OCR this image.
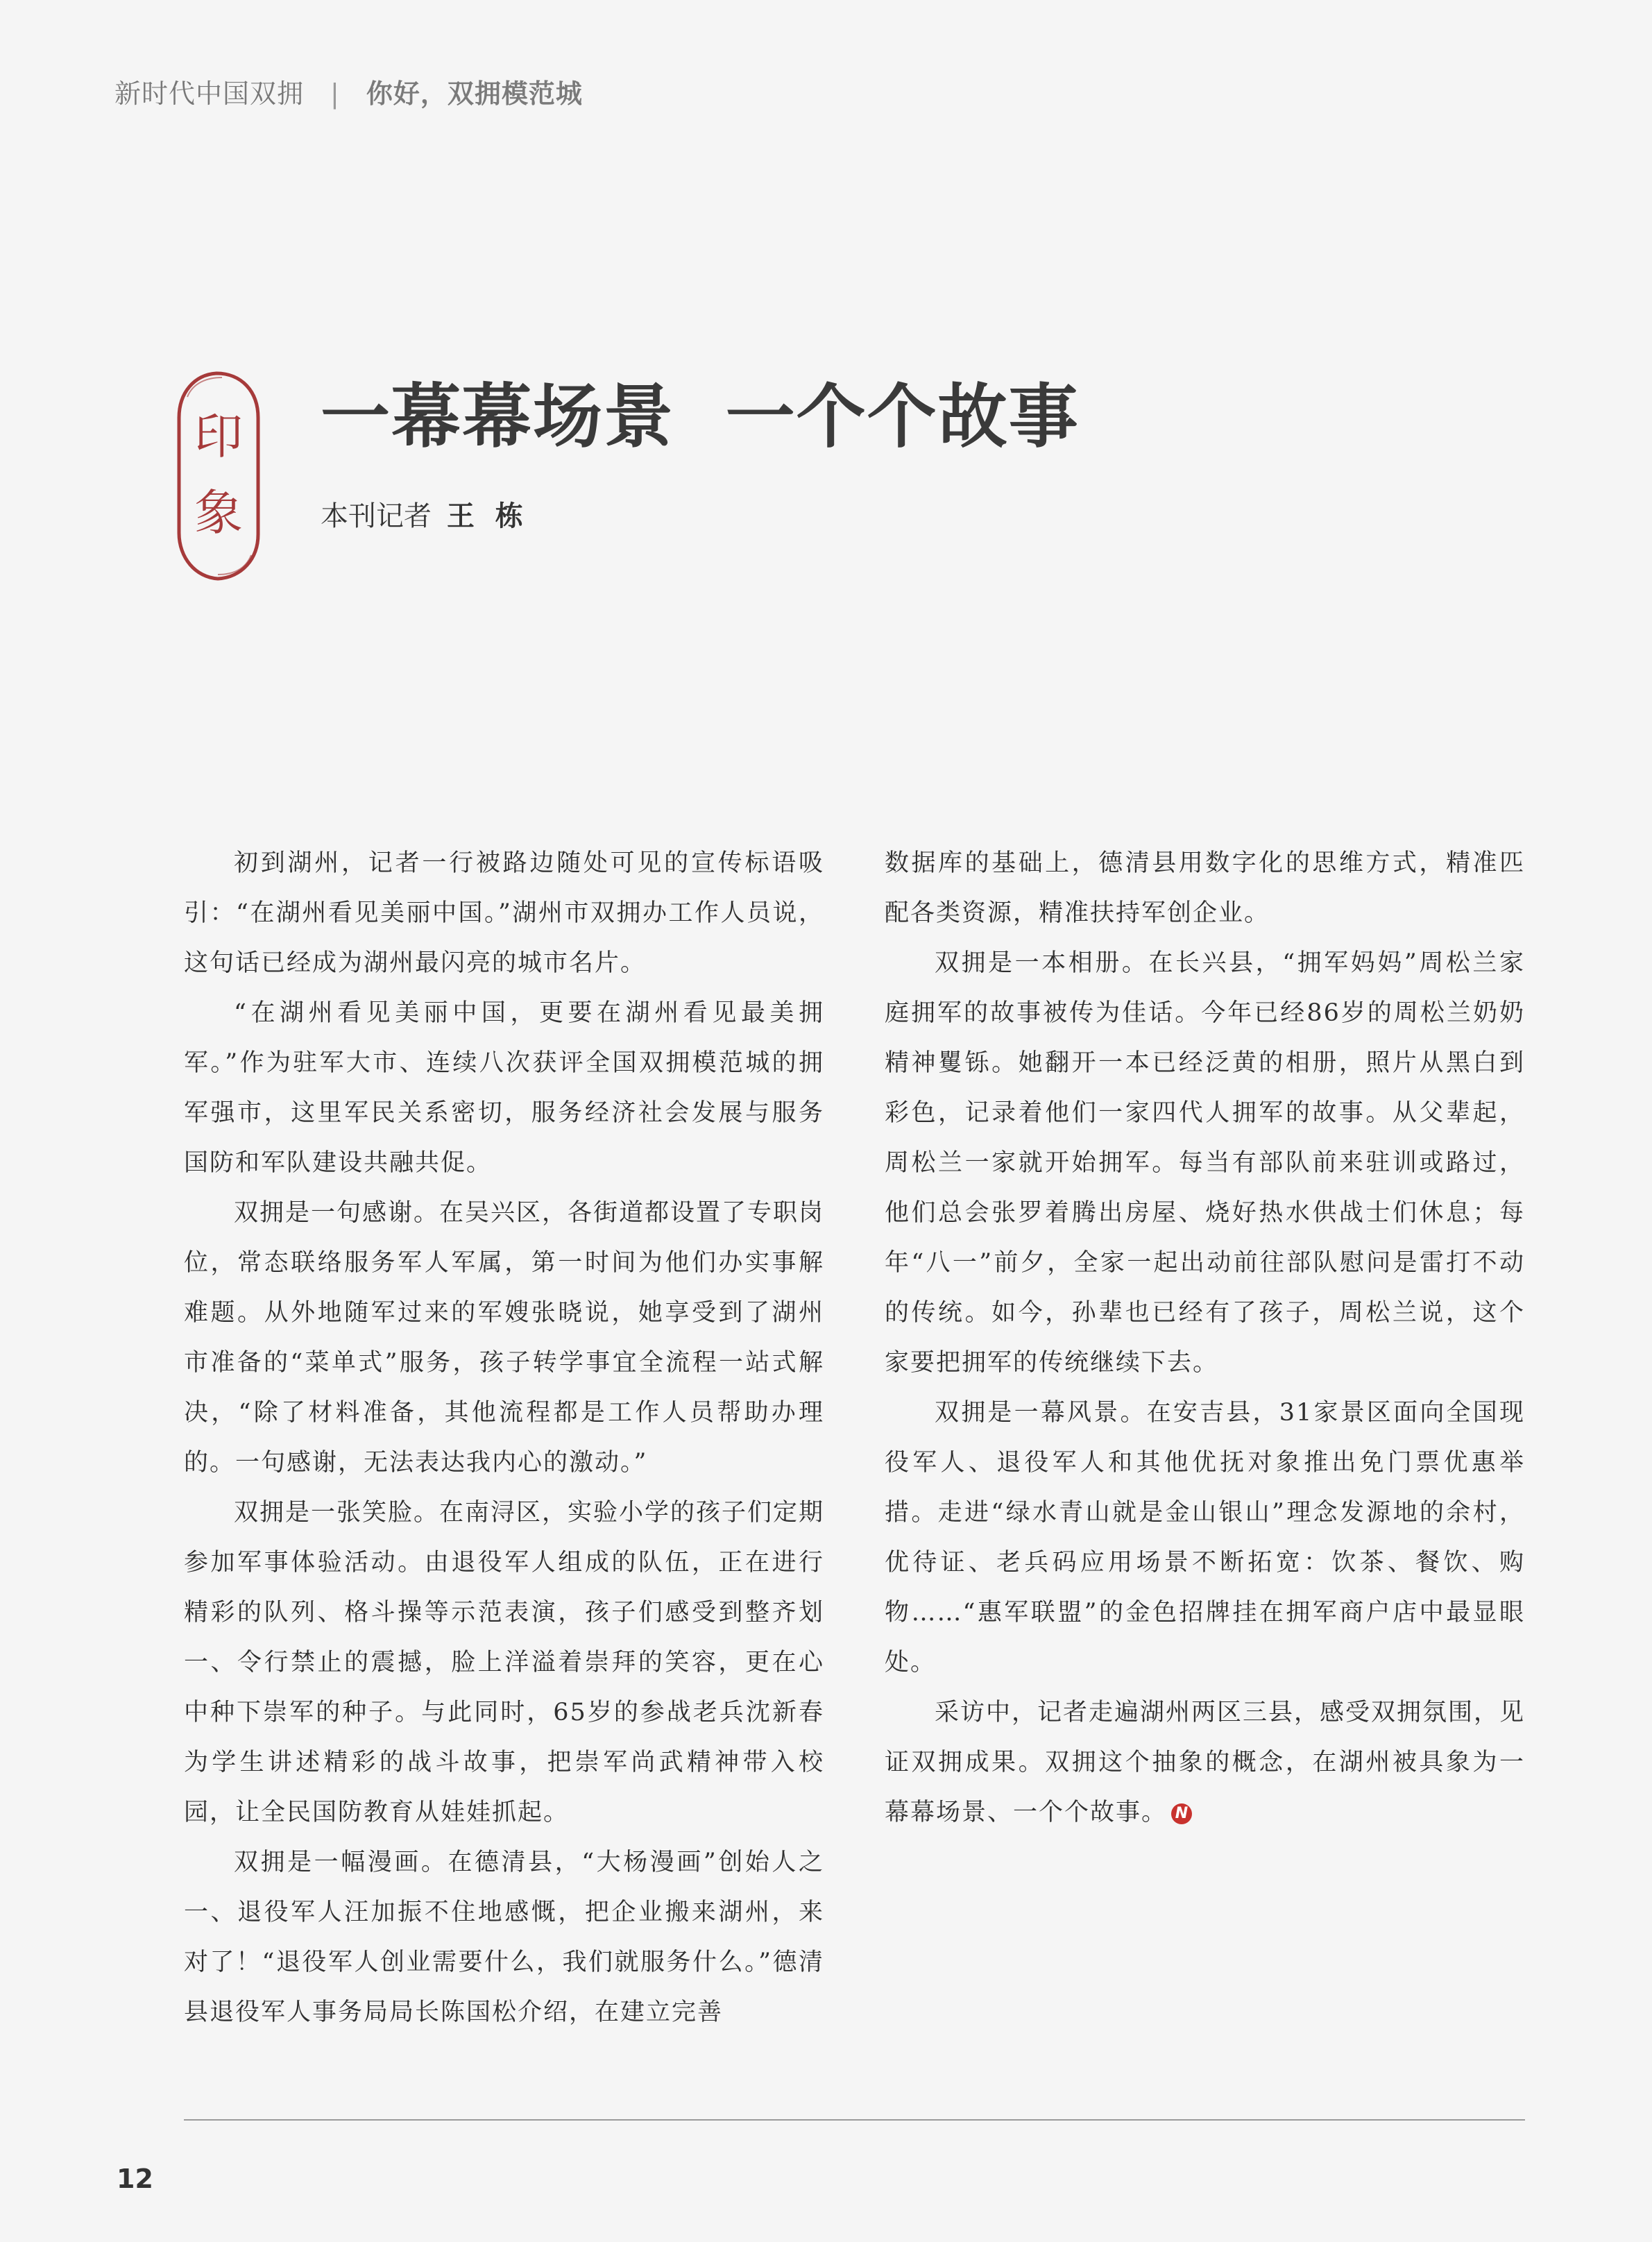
新时代中国双拥 | 你好，双拥模范城
印
象
一幕幕场景  一个个故事
本刊记者 王 栋

初到湖州，记者一行被路边随处可见的宣传标语吸引：“在湖州看见美丽中国。”湖州市双拥办工作人员说，这句话已经成为湖州最闪亮的城市名片。

“在湖州看见美丽中国，更要在湖州看见最美拥军。”作为驻军大市、连续八次获评全国双拥模范城的拥军强市，这里军民关系密切，服务经济社会发展与服务国防和军队建设共融共促。

双拥是一句感谢。在吴兴区，各街道都设置了专职岗位，常态联络服务军人军属，第一时间为他们办实事解难题。从外地随军过来的军嫂张晓说，她享受到了湖州市准备的“菜单式”服务，孩子转学事宜全流程一站式解决，“除了材料准备，其他流程都是工作人员帮助办理的。一句感谢，无法表达我内心的激动。”

双拥是一张笑脸。在南浔区，实验小学的孩子们定期参加军事体验活动。由退役军人组成的队伍，正在进行精彩的队列、格斗操等示范表演，孩子们感受到整齐划一、令行禁止的震撼，脸上洋溢着崇拜的笑容，更在心中种下崇军的种子。与此同时，65岁的参战老兵沈新春为学生讲述精彩的战斗故事，把崇军尚武精神带入校园，让全民国防教育从娃娃抓起。

双拥是一幅漫画。在德清县，“大杨漫画”创始人之一、退役军人汪加振不住地感慨，把企业搬来湖州，来对了！“退役军人创业需要什么，我们就服务什么。”德清县退役军人事务局局长陈国松介绍，在建立完善

数据库的基础上，德清县用数字化的思维方式，精准匹配各类资源，精准扶持军创企业。

双拥是一本相册。在长兴县，“拥军妈妈”周松兰家庭拥军的故事被传为佳话。今年已经86岁的周松兰奶奶精神矍铄。她翻开一本已经泛黄的相册，照片从黑白到彩色，记录着他们一家四代人拥军的故事。从父辈起，周松兰一家就开始拥军。每当有部队前来驻训或路过，他们总会张罗着腾出房屋、烧好热水供战士们休息；每年“八一”前夕，全家一起出动前往部队慰问是雷打不动的传统。如今，孙辈也已经有了孩子，周松兰说，这个家要把拥军的传统继续下去。

双拥是一幕风景。在安吉县，31家景区面向全国现役军人、退役军人和其他优抚对象推出免门票优惠举措。走进“绿水青山就是金山银山”理念发源地的余村，优待证、老兵码应用场景不断拓宽：饮茶、餐饮、购物……“惠军联盟”的金色招牌挂在拥军商户店中最显眼处。

采访中，记者走遍湖州两区三县，感受双拥氛围，见证双拥成果。双拥这个抽象的概念，在湖州被具象为一幕幕场景、一个个故事。 N

12
